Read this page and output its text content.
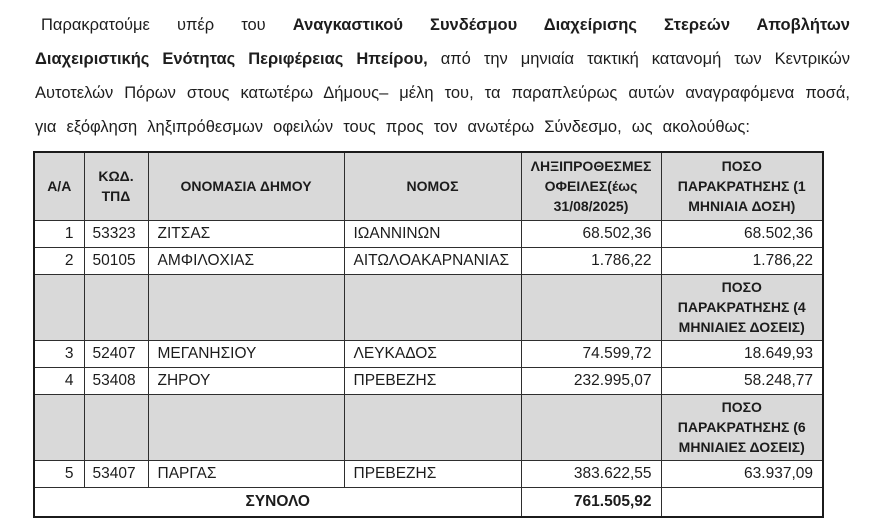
Παρακρατούμε υπέρ του Αναγκαστικού Συνδέσμου Διαχείρισης Στερεών Αποβλήτων Διαχειριστικής Ενότητας Περιφέρειας Ηπείρου, από την μηνιαία τακτική κατανομή των Κεντρικών Αυτοτελών Πόρων στους κατωτέρω Δήμους– μέλη του, τα παραπλεύρως αυτών αναγραφόμενα ποσά, για εξόφληση ληξιπρόθεσμων οφειλών τους προς τον ανωτέρω Σύνδεσμο, ως ακολούθως:

Α/Α	ΚΩΔ. ΤΠΔ	ΟΝΟΜΑΣΙΑ ΔΗΜΟΥ	ΝΟΜΟΣ	ΛΗΞΙΠΡΟΘΕΣΜΕΣ ΟΦΕΙΛΕΣ(έως 31/08/2025)	ΠΟΣΟ ΠΑΡΑΚΡΑΤΗΣΗΣ (1 ΜΗΝΙΑΙΑ ΔΟΣΗ)
1	53323	ΖΙΤΣΑΣ	ΙΩΑΝΝΙΝΩΝ	68.502,36	68.502,36
2	50105	ΑΜΦΙΛΟΧΙΑΣ	ΑΙΤΩΛΟΑΚΑΡΝΑΝΙΑΣ	1.786,22	1.786,22
					ΠΟΣΟ ΠΑΡΑΚΡΑΤΗΣΗΣ (4 ΜΗΝΙΑΙΕΣ ΔΟΣΕΙΣ)
3	52407	ΜΕΓΑΝΗΣΙΟΥ	ΛΕΥΚΑΔΟΣ	74.599,72	18.649,93
4	53408	ΖΗΡΟΥ	ΠΡΕΒΕΖΗΣ	232.995,07	58.248,77
					ΠΟΣΟ ΠΑΡΑΚΡΑΤΗΣΗΣ (6 ΜΗΝΙΑΙΕΣ ΔΟΣΕΙΣ)
5	53407	ΠΑΡΓΑΣ	ΠΡΕΒΕΖΗΣ	383.622,55	63.937,09
ΣΥΝΟΛΟ				761.505,92	
